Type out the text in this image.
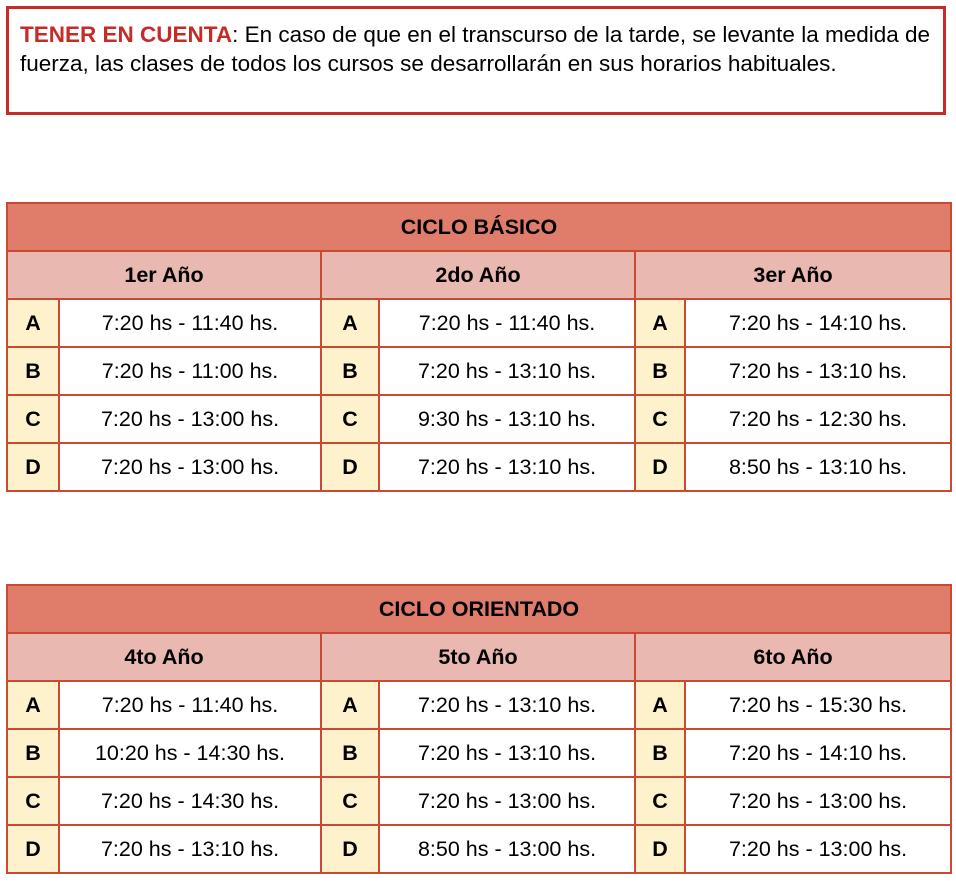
TENER EN CUENTA: En caso de que en el transcurso de la tarde, se levante la medida de fuerza, las clases de todos los cursos se desarrollarán en sus horarios habituales.
CICLO BÁSICO					
1er Año		2do Año		3er Año	
A	7:20 hs - 11:40 hs.	A	7:20 hs - 11:40 hs.	A	7:20 hs - 14:10 hs.
B	7:20 hs - 11:00 hs.	B	7:20 hs - 13:10 hs.	B	7:20 hs - 13:10 hs.
C	7:20 hs - 13:00 hs.	C	9:30 hs - 13:10 hs.	C	7:20 hs - 12:30 hs.
D	7:20 hs - 13:00 hs.	D	7:20 hs - 13:10 hs.	D	8:50 hs - 13:10 hs.
CICLO ORIENTADO					
4to Año		5to Año		6to Año	
A	7:20 hs - 11:40 hs.	A	7:20 hs - 13:10 hs.	A	7:20 hs - 15:30 hs.
B	10:20 hs - 14:30 hs.	B	7:20 hs - 13:10 hs.	B	7:20 hs - 14:10 hs.
C	7:20 hs - 14:30 hs.	C	7:20 hs - 13:00 hs.	C	7:20 hs - 13:00 hs.
D	7:20 hs - 13:10 hs.	D	8:50 hs - 13:00 hs.	D	7:20 hs - 13:00 hs.
